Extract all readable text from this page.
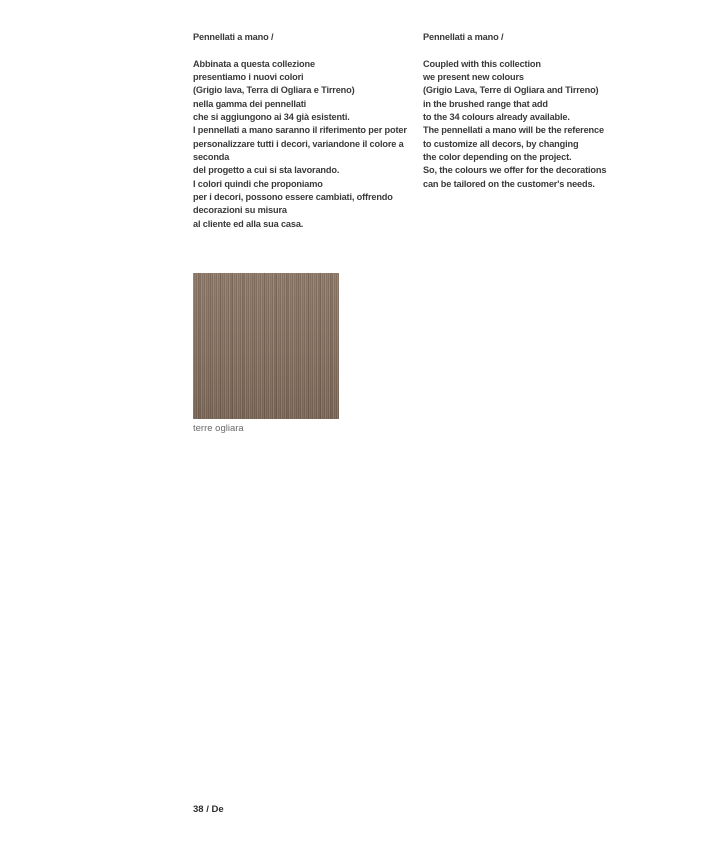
Pennellati a mano /
Abbinata a questa collezione
presentiamo i nuovi colori
(Grigio lava, Terra di Ogliara e Tirreno)
nella gamma dei pennellati
che si aggiungono ai 34 già esistenti.
I pennellati a mano saranno il riferimento per poter
personalizzare tutti i decori, variandone il colore a
seconda
del progetto a cui si sta lavorando.
I colori quindi che proponiamo
per i decori, possono essere cambiati, offrendo
decorazioni su misura
al cliente ed alla sua casa.
Pennellati a mano /
Coupled with this collection
we present new colours
(Grigio Lava, Terre di Ogliara and Tirreno)
in the brushed range that add
to the 34 colours already available.
The pennellati a mano will be the reference
to customize all decors, by changing
the color depending on the project.
So, the colours we offer for the decorations
can be tailored on the customer's needs.
terre ogliara
38 / De
